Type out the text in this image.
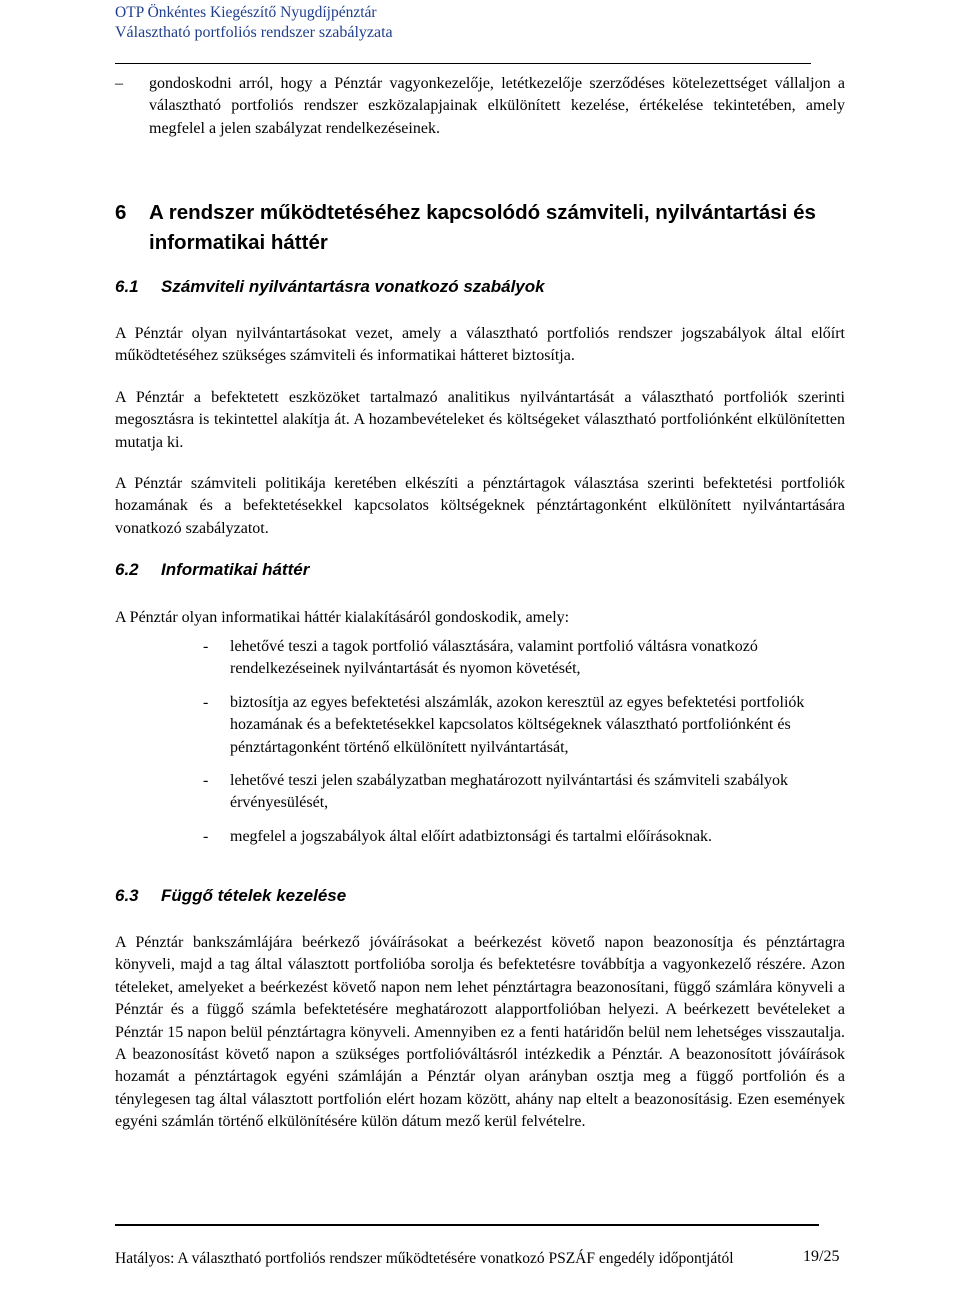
OTP Önkéntes Kiegészítő Nyugdíjpénztár
Választható portfoliós rendszer szabályzata
– gondoskodni arról, hogy a Pénztár vagyonkezelője, letétkezelője szerződéses kötelezettséget vállaljon a választható portfoliós rendszer eszközalapjainak elkülönített kezelése, értékelése tekintetében, amely megfelel a jelen szabályzat rendelkezéseinek.
6 A rendszer működtetéséhez kapcsolódó számviteli, nyilvántartási és informatikai háttér
6.1 Számviteli nyilvántartásra vonatkozó szabályok
A Pénztár olyan nyilvántartásokat vezet, amely a választható portfoliós rendszer jogszabályok által előírt működtetéséhez szükséges számviteli és informatikai hátteret biztosítja.
A Pénztár a befektetett eszközöket tartalmazó analitikus nyilvántartását a választható portfoliók szerinti megosztásra is tekintettel alakítja át. A hozambevételeket és költségeket választható portfoliónként elkülönítetten mutatja ki.
A Pénztár számviteli politikája keretében elkészíti a pénztártagok választása szerinti befektetési portfoliók hozamának és a befektetésekkel kapcsolatos költségeknek pénztártagonként elkülönített nyilvántartására vonatkozó szabályzatot.
6.2 Informatikai háttér
A Pénztár olyan informatikai háttér kialakításáról gondoskodik, amely:
- lehetővé teszi a tagok portfolió választására, valamint portfolió váltásra vonatkozó rendelkezéseinek nyilvántartását és nyomon követését,
- biztosítja az egyes befektetési alszámlák, azokon keresztül az egyes befektetési portfoliók hozamának és a befektetésekkel kapcsolatos költségeknek választható portfoliónként és pénztártagonként történő elkülönített nyilvántartását,
- lehetővé teszi jelen szabályzatban meghatározott nyilvántartási és számviteli szabályok érvényesülését,
- megfelel a jogszabályok által előírt adatbiztonsági és tartalmi előírásoknak.
6.3 Függő tételek kezelése
A Pénztár bankszámlájára beérkező jóváírásokat a beérkezést követő napon beazonosítja és pénztártagra könyveli, majd a tag által választott portfolióba sorolja és befektetésre továbbítja a vagyonkezelő részére. Azon tételeket, amelyeket a beérkezést követő napon nem lehet pénztártagra beazonosítani, függő számlára könyveli a Pénztár és a függő számla befektetésére meghatározott alapportfolióban helyezi. A beérkezett bevételeket a Pénztár 15 napon belül pénztártagra könyveli. Amennyiben ez a fenti határidőn belül nem lehetséges visszautalja. A beazonosítást követő napon a szükséges portfolióváltásról intézkedik a Pénztár. A beazonosított jóváírások hozamát a pénztártagok egyéni számláján a Pénztár olyan arányban osztja meg a függő portfolión és a ténylegesen tag által választott portfolión elért hozam között, ahány nap eltelt a beazonosításig. Ezen események egyéni számlán történő elkülönítésére külön dátum mező kerül felvételre.
Hatályos: A választható portfoliós rendszer működtetésére vonatkozó PSZÁF engedély időpontjától	19/25
